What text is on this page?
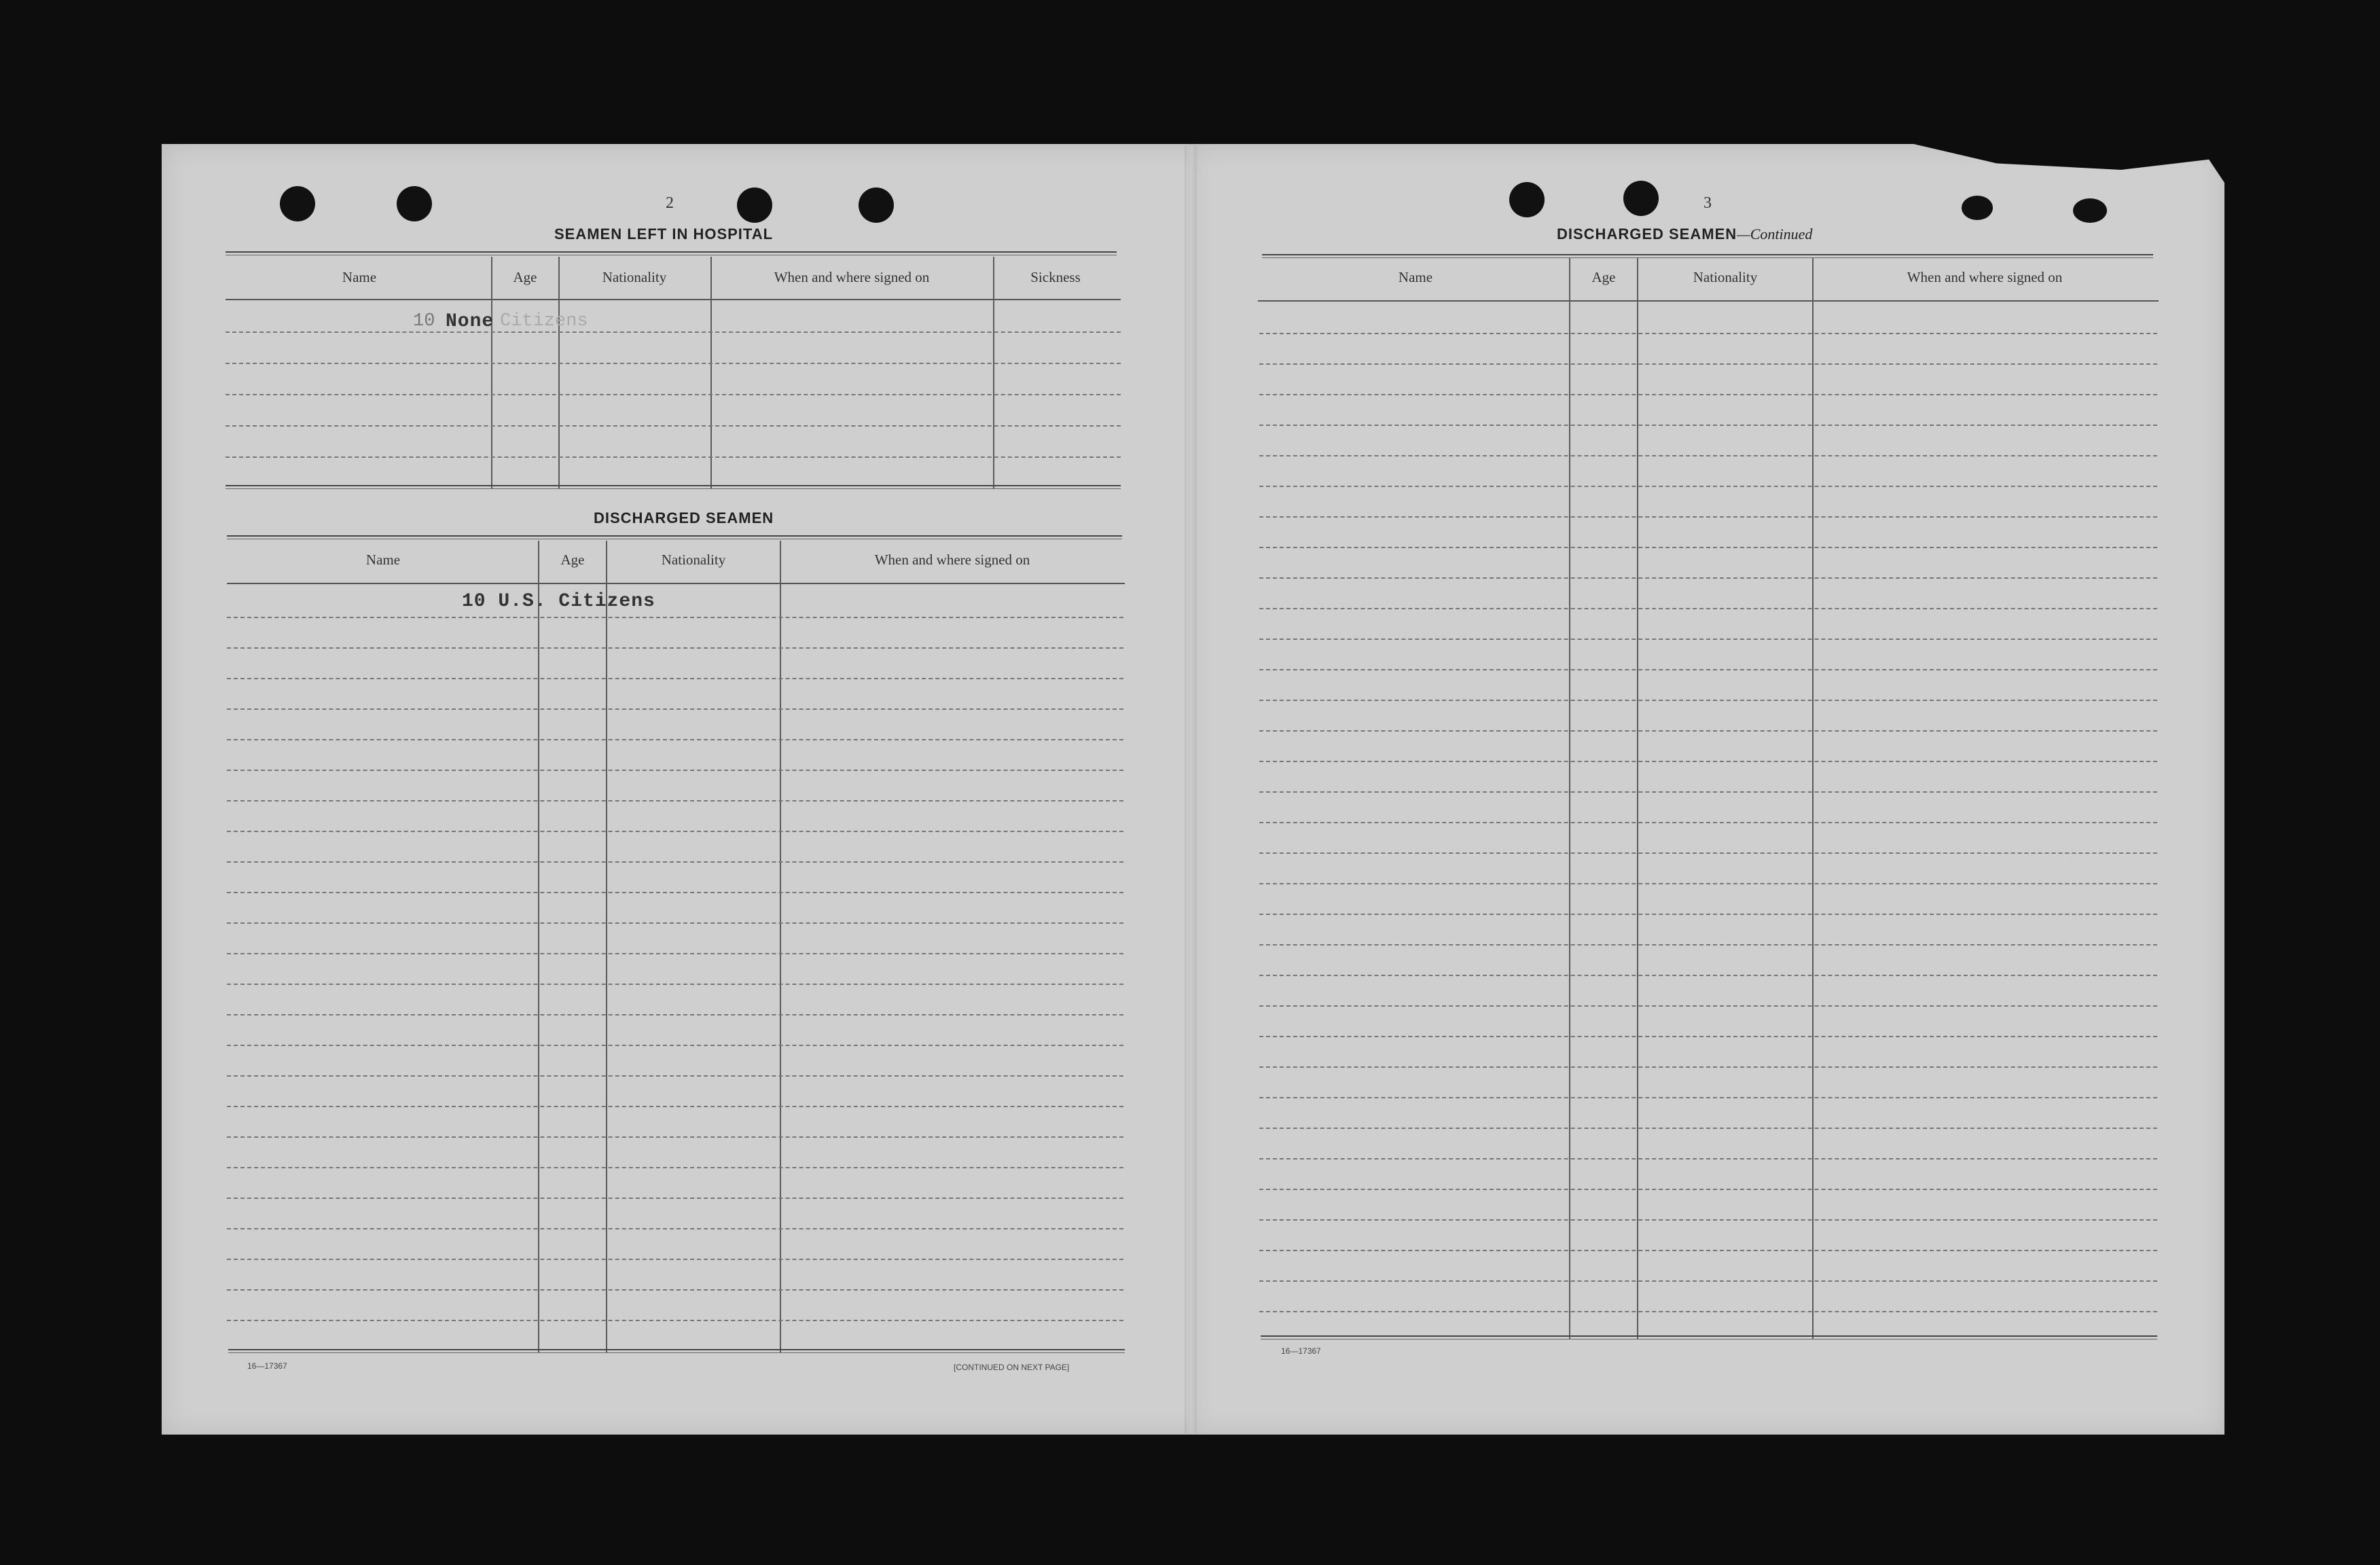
2
SEAMEN LEFT IN HOSPITAL
Name	Age	Nationality	When and where signed on	Sickness
10 None Citizens
DISCHARGED SEAMEN
Name	Age	Nationality	When and where signed on
10 U.S. Citizens
16—17367	[CONTINUED ON NEXT PAGE]
3
DISCHARGED SEAMEN—Continued
Name	Age	Nationality	When and where signed on
16—17367
